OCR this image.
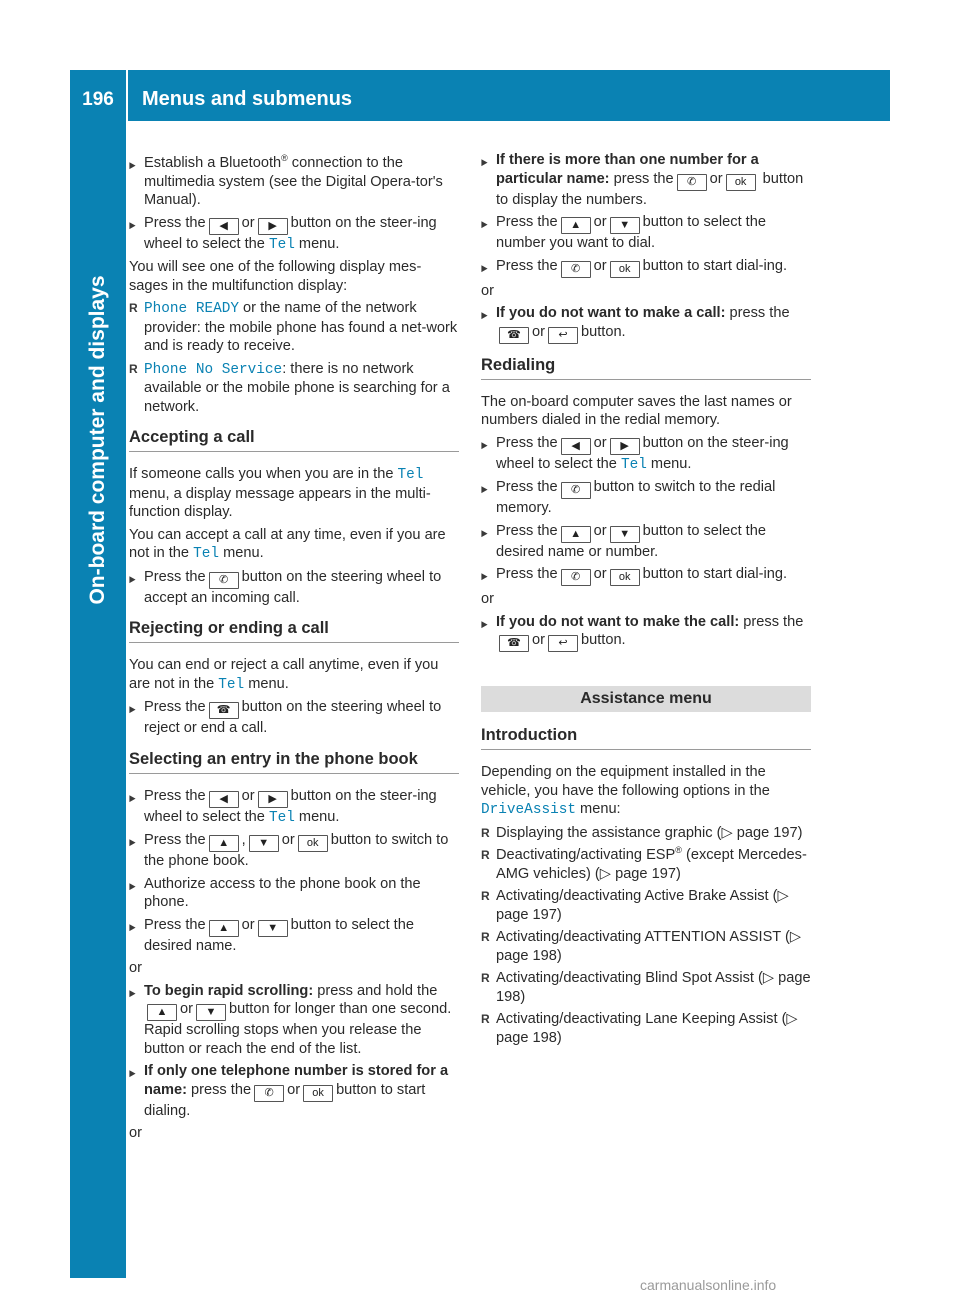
196	Menus and submenus
On-board computer and displays
▶ Establish a Bluetooth® connection to the multimedia system (see the Digital Opera-tor's Manual).
▶ Press the ◀ or ▶ button on the steer-ing wheel to select the Tel menu.
You will see one of the following display mes-sages in the multifunction display:
R Phone READY or the name of the network provider: the mobile phone has found a net-work and is ready to receive.
R Phone No Service: there is no network available or the mobile phone is searching for a network.
Accepting a call
If someone calls you when you are in the Tel menu, a display message appears in the multi-function display.
You can accept a call at any time, even if you are not in the Tel menu.
▶ Press the ✆ button on the steering wheel to accept an incoming call.
Rejecting or ending a call
You can end or reject a call anytime, even if you are not in the Tel menu.
▶ Press the ☎ button on the steering wheel to reject or end a call.
Selecting an entry in the phone book
▶ Press the ◀ or ▶ button on the steer-ing wheel to select the Tel menu.
▶ Press the ▲ , ▼ or ok button to switch to the phone book.
▶ Authorize access to the phone book on the phone.
▶ Press the ▲ or ▼ button to select the desired name.
or
▶ To begin rapid scrolling: press and hold the▲ or ▼ button for longer than one second. Rapid scrolling stops when you release the button or reach the end of the list.
▶ If only one telephone number is stored for a name: press the ✆ or ok button to start dialing.
or
▶ If there is more than one number for a particular name: press the ✆ or ok button to display the numbers.
▶ Press the ▲ or ▼ button to select the number you want to dial.
▶ Press the ✆ or ok button to start dial-ing.
or
▶ If you do not want to make a call: press the☎ or ↩ button.
Redialing
The on-board computer saves the last names or numbers dialed in the redial memory.
▶ Press the ◀ or ▶ button on the steer-ing wheel to select the Tel menu.
▶ Press the ✆ button to switch to the redial memory.
▶ Press the ▲ or ▼ button to select the desired name or number.
▶ Press the ✆ or ok button to start dial-ing.
or
▶ If you do not want to make the call: press the☎ or ↩ button.
Assistance menu
Introduction
Depending on the equipment installed in the vehicle, you have the following options in the DriveAssist menu:
R Displaying the assistance graphic (▷ page 197)
R Deactivating/activating ESP® (except Mercedes-AMG vehicles) (▷ page 197)
R Activating/deactivating Active Brake Assist (▷ page 197)
R Activating/deactivating ATTENTION ASSIST (▷ page 198)
R Activating/deactivating Blind Spot Assist (▷ page 198)
R Activating/deactivating Lane Keeping Assist (▷ page 198)
carmanualsonline.info
